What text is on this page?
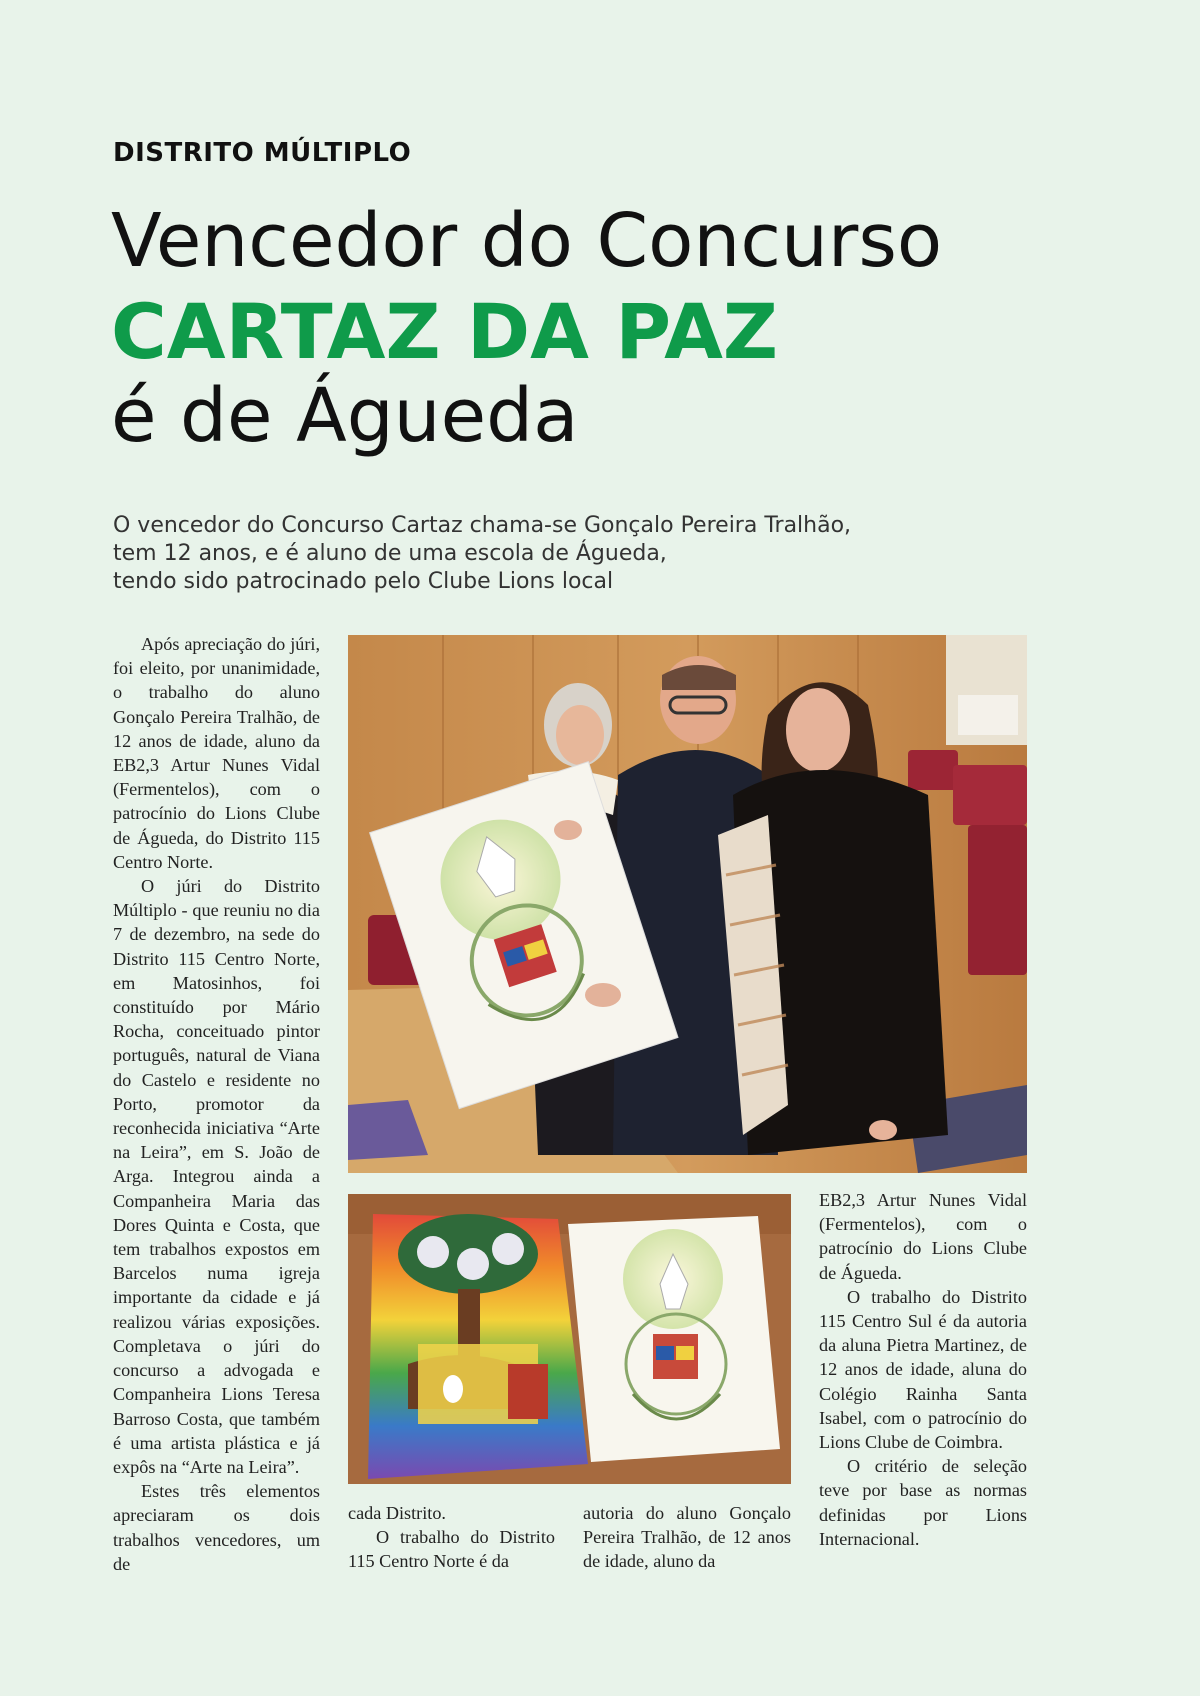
DISTRITO MÚLTIPLO
Vencedor do Concurso
CARTAZ DA PAZ
é de Águeda
O vencedor do Concurso Cartaz chama-se Gonçalo Pereira Tralhão,
tem 12 anos, e é aluno de uma escola de Águeda,
tendo sido patrocinado pelo Clube Lions local

Após apreciação do júri, foi eleito, por unanimidade, o trabalho do aluno Gonçalo Pereira Tralhão, de 12 anos de idade, aluno da EB2,3 Artur Nunes Vidal (Fermentelos), com o patrocínio do Lions Clube de Águeda, do Distrito 115 Centro Norte.

O júri do Distrito Múltiplo - que reuniu no dia 7 de dezembro, na sede do Distrito 115 Centro Norte, em Matosinhos, foi constituído por Mário Rocha, conceituado pintor português, natural de Viana do Castelo e residente no Porto, promotor da reconhecida iniciativa “Arte na Leira”, em S. João de Arga. Integrou ainda a Companheira Maria das Dores Quinta e Costa, que tem trabalhos expostos em Barcelos numa igreja importante da cidade e já realizou várias exposições. Completava o júri do concurso a advogada e Companheira Lions Teresa Barroso Costa, que também é uma artista plástica e já expôs na “Arte na Leira”.

Estes três elementos apreciaram os dois trabalhos vencedores, um de

cada Distrito.

O trabalho do Distrito 115 Centro Norte é da

autoria do aluno Gonçalo Pereira Tralhão, de 12 anos de idade, aluno da

EB2,3 Artur Nunes Vidal (Fermentelos), com o patrocínio do Lions Clube de Águeda.

O trabalho do Distrito 115 Centro Sul é da autoria da aluna Pietra Martinez, de 12 anos de idade, aluna do Colégio Rainha Santa Isabel, com o patrocínio do Lions Clube de Coimbra.

O critério de seleção teve por base as normas definidas por Lions Internacional.
